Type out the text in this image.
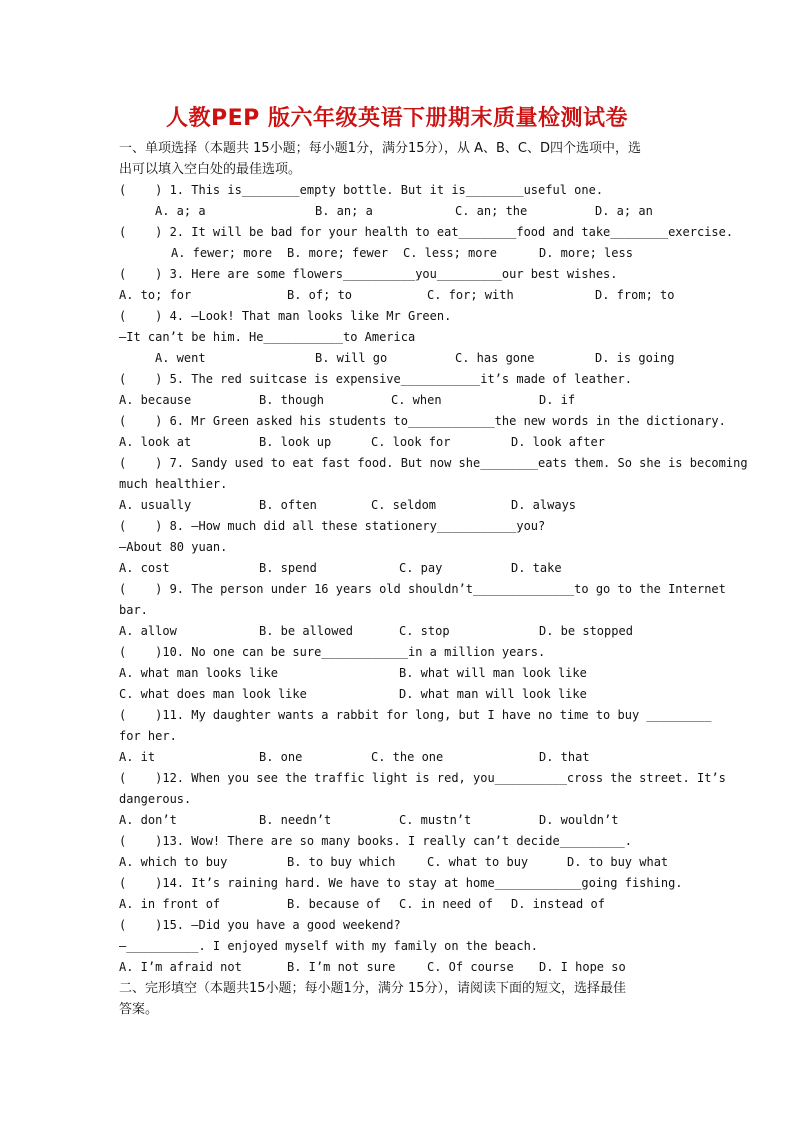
人教PEP 版六年级英语下册期末质量检测试卷
一、单项选择（本题共 15小题；每小题1分，满分15分），从 A、B、C、D四个选项中，选
出可以填入空白处的最佳选项。
(    ) 1. This is________empty bottle. But it is________useful one.
A. a; a	B. an; a	C. an; the	D. a; an
(    ) 2. It will be bad for your health to eat________food and take________exercise.
A. fewer; more B. more; fewer C. less; more	D. more; less
(    ) 3. Here are some flowers__________you_________our best wishes.
A. to; for	B. of; to	C. for; with	D. from; to
(    ) 4. —Look! That man looks like Mr Green.
—It can’t be him. He___________to America
A. went	B. will go	C. has gone	D. is going
(    ) 5. The red suitcase is expensive___________it’s made of leather.
A. because	B. though	C. when	D. if
(    ) 6. Mr Green asked his students to____________the new words in the dictionary.
A. look at	B. look up	C. look for	D. look after
(    ) 7. Sandy used to eat fast food. But now she________eats them. So she is becoming
much healthier.
A. usually	B. often	C. seldom	D. always
(    ) 8. —How much did all these stationery___________you?
—About 80 yuan.
A. cost	B. spend	C. pay	D. take
(    ) 9. The person under 16 years old shouldn’t______________to go to the Internet
bar.
A. allow	B. be allowed	C. stop	D. be stopped
(    )10. No one can be sure____________in a million years.
A. what man looks like	B. what will man look like
C. what does man look like	D. what man will look like
(    )11. My daughter wants a rabbit for long, but I have no time to buy _________
for her.
A. it	B. one	C. the one	D. that
(    )12. When you see the traffic light is red, you__________cross the street. It’s
dangerous.
A. don’t	B. needn’t	C. mustn’t	D. wouldn’t
(    )13. Wow! There are so many books. I really can’t decide_________.
A. which to buy	B. to buy which	C. what to buy	D. to buy what
(    )14. It’s raining hard. We have to stay at home____________going fishing.
A. in front of	B. because of C. in need of D. instead of
(    )15. —Did you have a good weekend?
—__________. I enjoyed myself with my family on the beach.
A. I’m afraid not	B. I’m not sure	C. Of course D. I hope so
二、完形填空（本题共15小题；每小题1分，满分 15分），请阅读下面的短文，选择最佳
答案。
